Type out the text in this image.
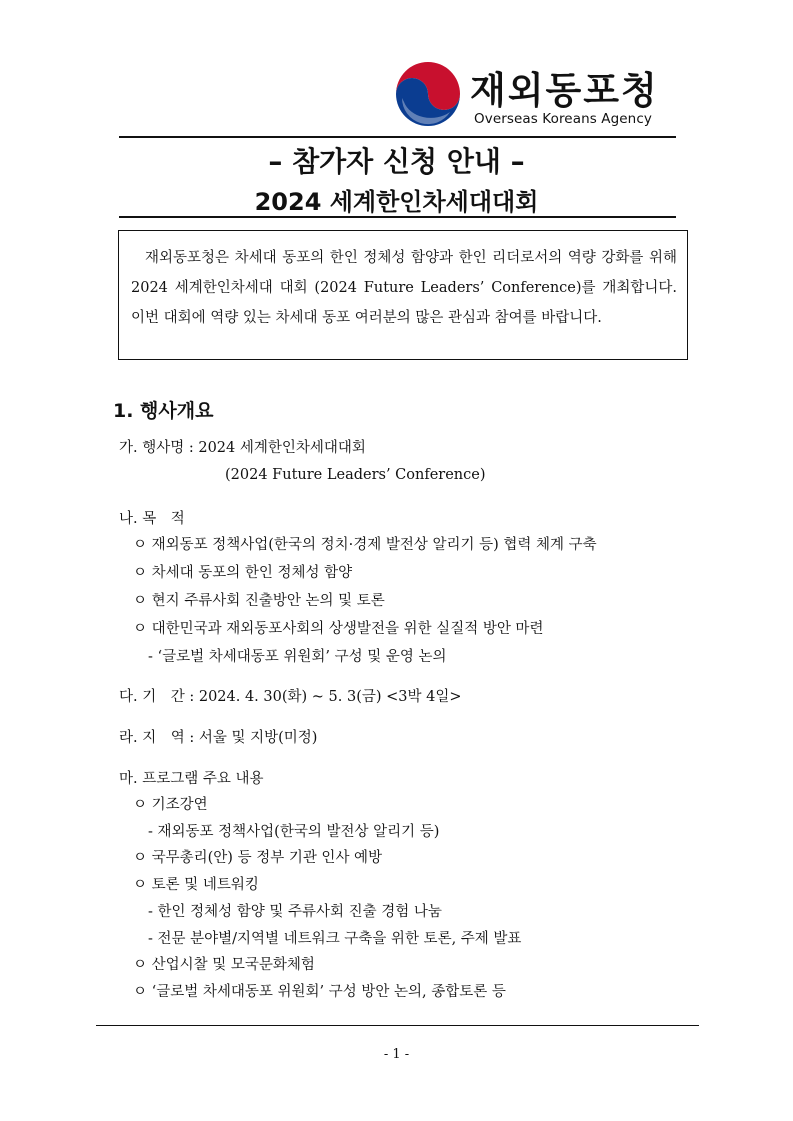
재외동포청
Overseas Koreans Agency
– 참가자 신청 안내 –
2024 세계한인차세대대회

재외동포청은 차세대 동포의 한인 정체성 함양과 한인 리더로서의 역량 강화를 위해 2024 세계한인차세대 대회 (2024 Future Leaders’ Conference)를 개최합니다. 이번 대회에 역량 있는 차세대 동포 여러분의 많은 관심과 참여를 바랍니다.

1. 행사개요
가. 행사명 : 2024 세계한인차세대대회
(2024 Future Leaders’ Conference)
나. 목　적
ㅇ 재외동포 정책사업(한국의 정치·경제 발전상 알리기 등) 협력 체계 구축
ㅇ 차세대 동포의 한인 정체성 함양
ㅇ 현지 주류사회 진출방안 논의 및 토론
ㅇ 대한민국과 재외동포사회의 상생발전을 위한 실질적 방안 마련
- ‘글로벌 차세대동포 위원회’ 구성 및 운영 논의
다. 기　간 : 2024. 4. 30(화) ~ 5. 3(금) <3박 4일>
라. 지　역 : 서울 및 지방(미정)
마. 프로그램 주요 내용
ㅇ 기조강연
- 재외동포 정책사업(한국의 발전상 알리기 등)
ㅇ 국무총리(안) 등 정부 기관 인사 예방
ㅇ 토론 및 네트워킹
- 한인 정체성 함양 및 주류사회 진출 경험 나눔
- 전문 분야별/지역별 네트워크 구축을 위한 토론, 주제 발표
ㅇ 산업시찰 및 모국문화체험
ㅇ ‘글로벌 차세대동포 위원회’ 구성 방안 논의, 종합토론 등
- 1 -
